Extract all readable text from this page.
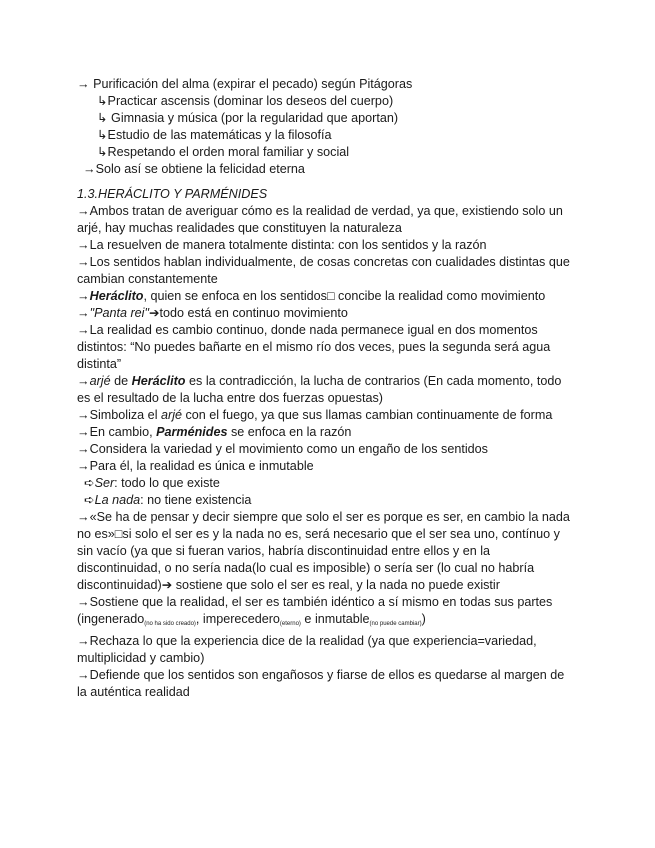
→ Purificación del alma (expirar el pecado) según Pitágoras

↳Practicar ascensis (dominar los deseos del cuerpo)

↳ Gimnasia y música (por la regularidad que aportan)

↳Estudio de las matemáticas y la filosofía

↳Respetando el orden moral familiar y social

→Solo así se obtiene la felicidad eterna

1.3.HERÁCLITO Y PARMÉNIDES

→Ambos tratan de averiguar cómo es la realidad de verdad, ya que, existiendo solo un arjé, hay muchas realidades que constituyen la naturaleza

→La resuelven de manera totalmente distinta: con los sentidos y la razón

→Los sentidos hablan individualmente, de cosas concretas con cualidades distintas que cambian constantemente

→Heráclito, quien se enfoca en los sentidos□ concibe la realidad como movimiento

→"Panta rei"➔todo está en continuo movimiento

→La realidad es cambio continuo, donde nada permanece igual en dos momentos distintos: “No puedes bañarte en el mismo río dos veces, pues la segunda será agua distinta”

→arjé de Heráclito es la contradicción, la lucha de contrarios (En cada momento, todo es el resultado de la lucha entre dos fuerzas opuestas)

→Simboliza el arjé con el fuego, ya que sus llamas cambian continuamente de forma

→En cambio, Parménides se enfoca en la razón

→Considera la variedad y el movimiento como un engaño de los sentidos

→Para él, la realidad es única e inmutable

➪Ser: todo lo que existe

➪La nada: no tiene existencia

→«Se ha de pensar y decir siempre que solo el ser es porque es ser, en cambio la nada no es»□si solo el ser es y la nada no es, será necesario que el ser sea uno, contínuo y sin vacío (ya que si fueran varios, habría discontinuidad entre ellos y en la discontinuidad, o no sería nada(lo cual es imposible) o sería ser (lo cual no habría discontinuidad)➔ sostiene que solo el ser es real, y la nada no puede existir

→Sostiene que la realidad, el ser es también idéntico a sí mismo en todas sus partes

(ingenerado$_{(no ha sido creado)}$, imperecedero$_{(eterno)}$ e inmutable$_{(no puede cambiar)}$)

→Rechaza lo que la experiencia dice de la realidad (ya que experiencia=variedad, multiplicidad y cambio)

→Defiende que los sentidos son engañosos y fiarse de ellos es quedarse al margen de la auténtica realidad
